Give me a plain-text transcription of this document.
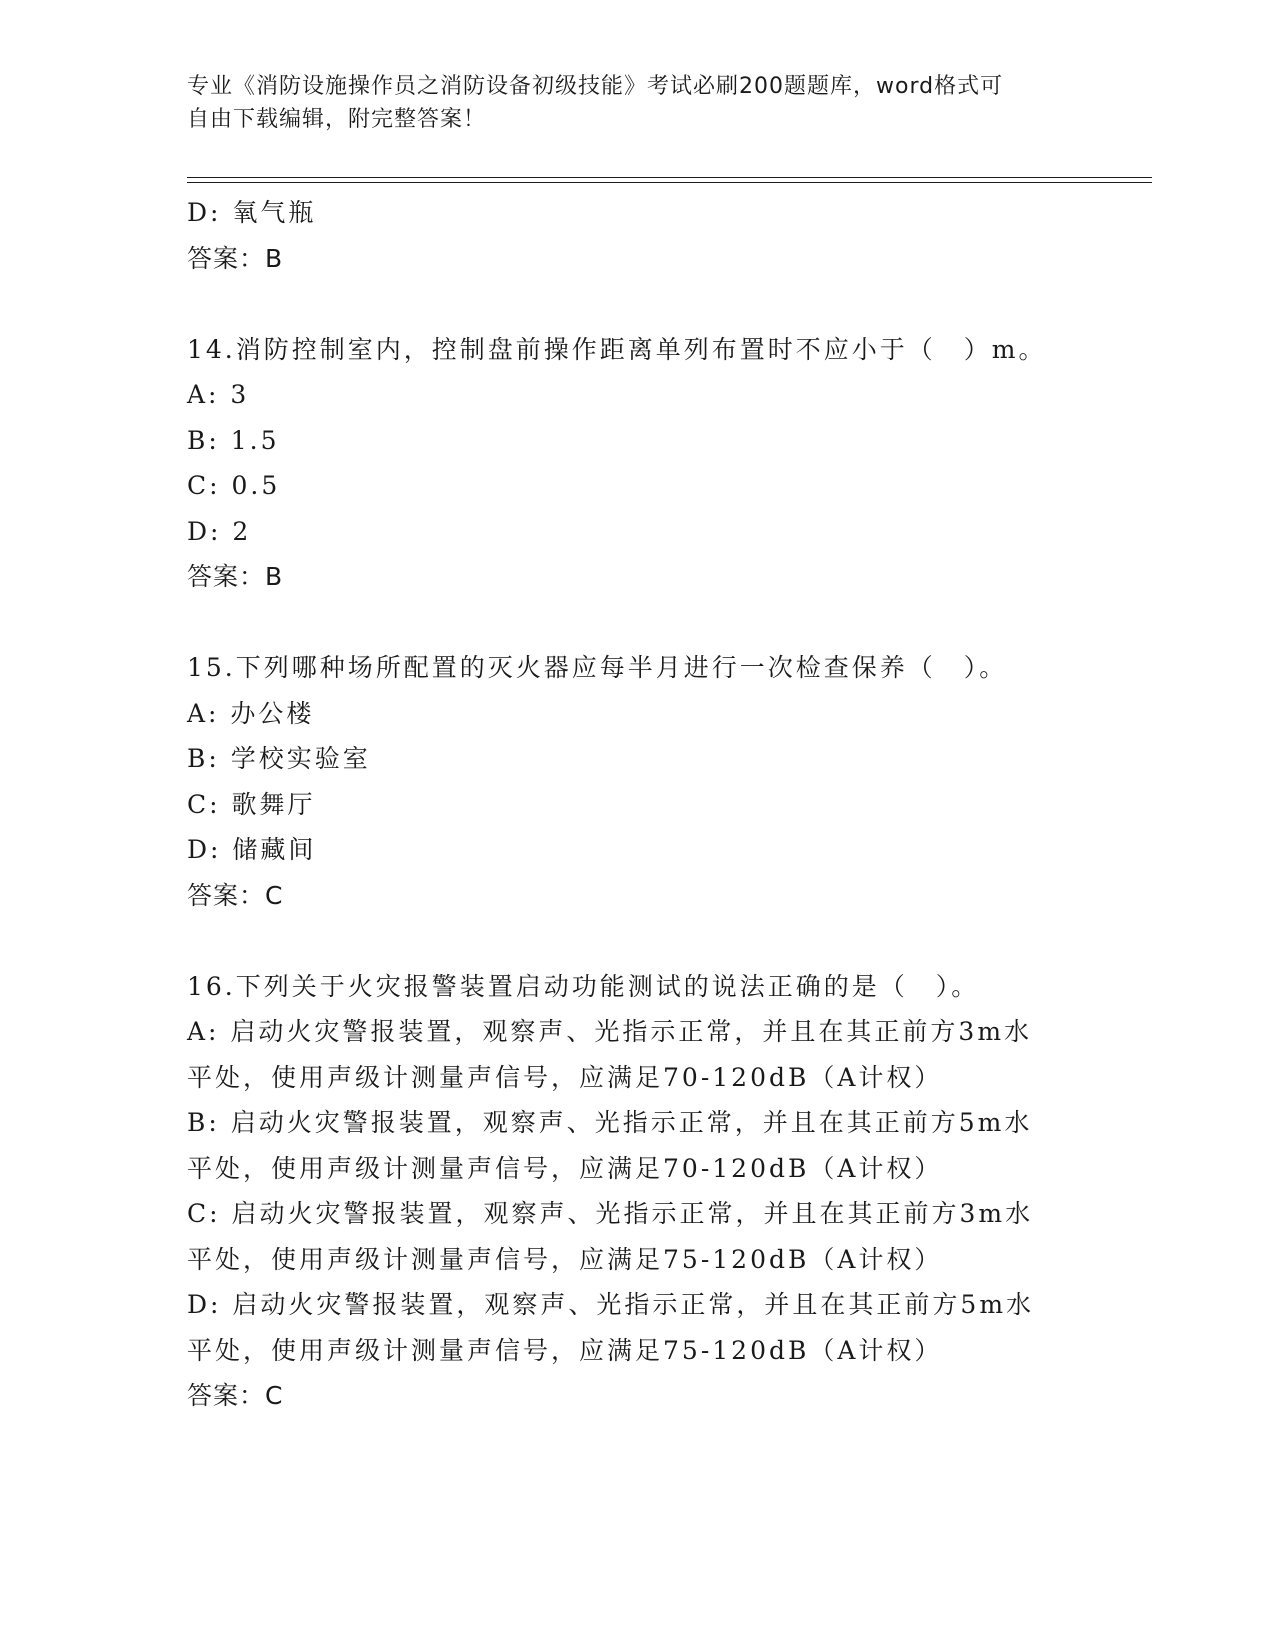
专业《消防设施操作员之消防设备初级技能》考试必刷200题题库，word格式可
自由下载编辑，附完整答案！
D: 氧气瓶
答案：B
14.消防控制室内，控制盘前操作距离单列布置时不应小于（　）m。
A: 3
B: 1.5
C: 0.5
D: 2
答案：B
15.下列哪种场所配置的灭火器应每半月进行一次检查保养（　）。
A: 办公楼
B: 学校实验室
C: 歌舞厅
D: 储藏间
答案：C
16.下列关于火灾报警装置启动功能测试的说法正确的是（　）。
A: 启动火灾警报装置，观察声、光指示正常，并且在其正前方3m水
平处，使用声级计测量声信号，应满足70-120dB（A计权）
B: 启动火灾警报装置，观察声、光指示正常，并且在其正前方5m水
平处，使用声级计测量声信号，应满足70-120dB（A计权）
C: 启动火灾警报装置，观察声、光指示正常，并且在其正前方3m水
平处，使用声级计测量声信号，应满足75-120dB（A计权）
D: 启动火灾警报装置，观察声、光指示正常，并且在其正前方5m水
平处，使用声级计测量声信号，应满足75-120dB（A计权）
答案：C
